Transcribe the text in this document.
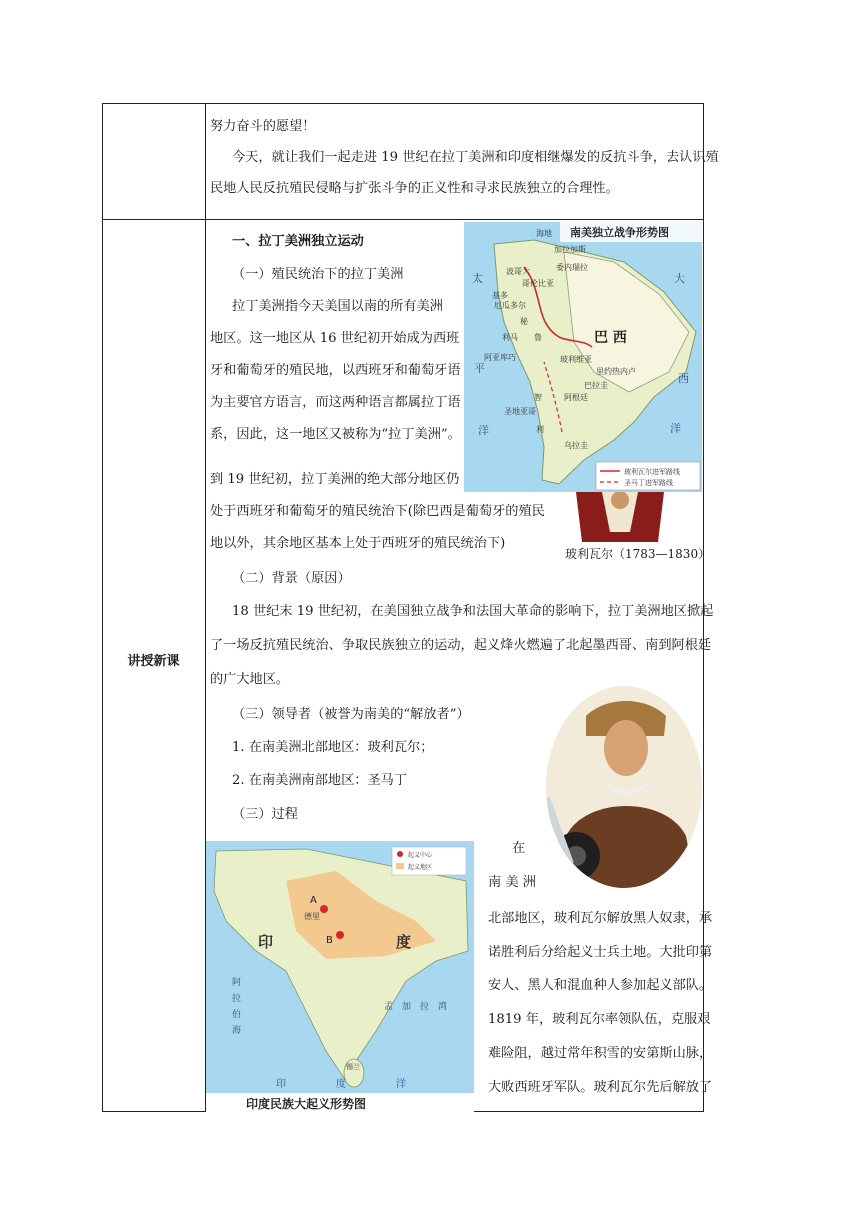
努力奋斗的愿望！
今天，就让我们一起走进 19 世纪在拉丁美洲和印度相继爆发的反抗斗争，去认识殖
民地人民反抗殖民侵略与扩张斗争的正义性和寻求民族独立的合理性。
讲授新课
一、拉丁美洲独立运动
（一）殖民统治下的拉丁美洲
拉丁美洲指今天美国以南的所有美洲
地区。这一地区从 16 世纪初开始成为西班
牙和葡萄牙的殖民地，以西班牙和葡萄牙语
为主要官方语言，而这两种语言都属拉丁语
系，因此，这一地区又被称为“拉丁美洲”。
到 19 世纪初，拉丁美洲的绝大部分地区仍
处于西班牙和葡萄牙的殖民统治下(除巴西是葡萄牙的殖民
地以外，其余地区基本上处于西班牙的殖民统治下)
（二）背景（原因）
18 世纪末 19 世纪初，在美国独立战争和法国大革命的影响下，拉丁美洲地区掀起
了一场反抗殖民统治、争取民族独立的运动，起义烽火燃遍了北起墨西哥、南到阿根廷
的广大地区。
（三）领导者（被誉为南美的“解放者”）
1. 在南美洲北部地区：玻利瓦尔；
2. 在南美洲南部地区：圣马丁
（三）过程
在
南 美 洲
北部地区，玻利瓦尔解放黑人奴隶，承
诺胜利后分给起义士兵土地。大批印第
安人、黑人和混血种人参加起义部队。
1819 年，玻利瓦尔率领队伍，克服艰
难险阻，越过常年积雪的安第斯山脉，
大败西班牙军队。玻利瓦尔先后解放了
南美独立战争形势图
海地
加拉加斯
波哥大	委内瑞拉
哥伦比亚
基多
厄瓜多尔
秘
鲁
利马
阿亚库巧
巴 西
玻利维亚
里约热内卢
智
利
阿根廷
圣地亚哥
巴拉圭
乌拉圭
大
西
洋
太
平
洋
玻利瓦尔进军路线
圣马丁进军路线
玻利瓦尔（1783—1830）
起义中心
起义地区
A
德里
B
印	度
阿
拉
伯
海
孟 加 拉 湾
印	度	洋
锡兰
印度民族大起义形势图
